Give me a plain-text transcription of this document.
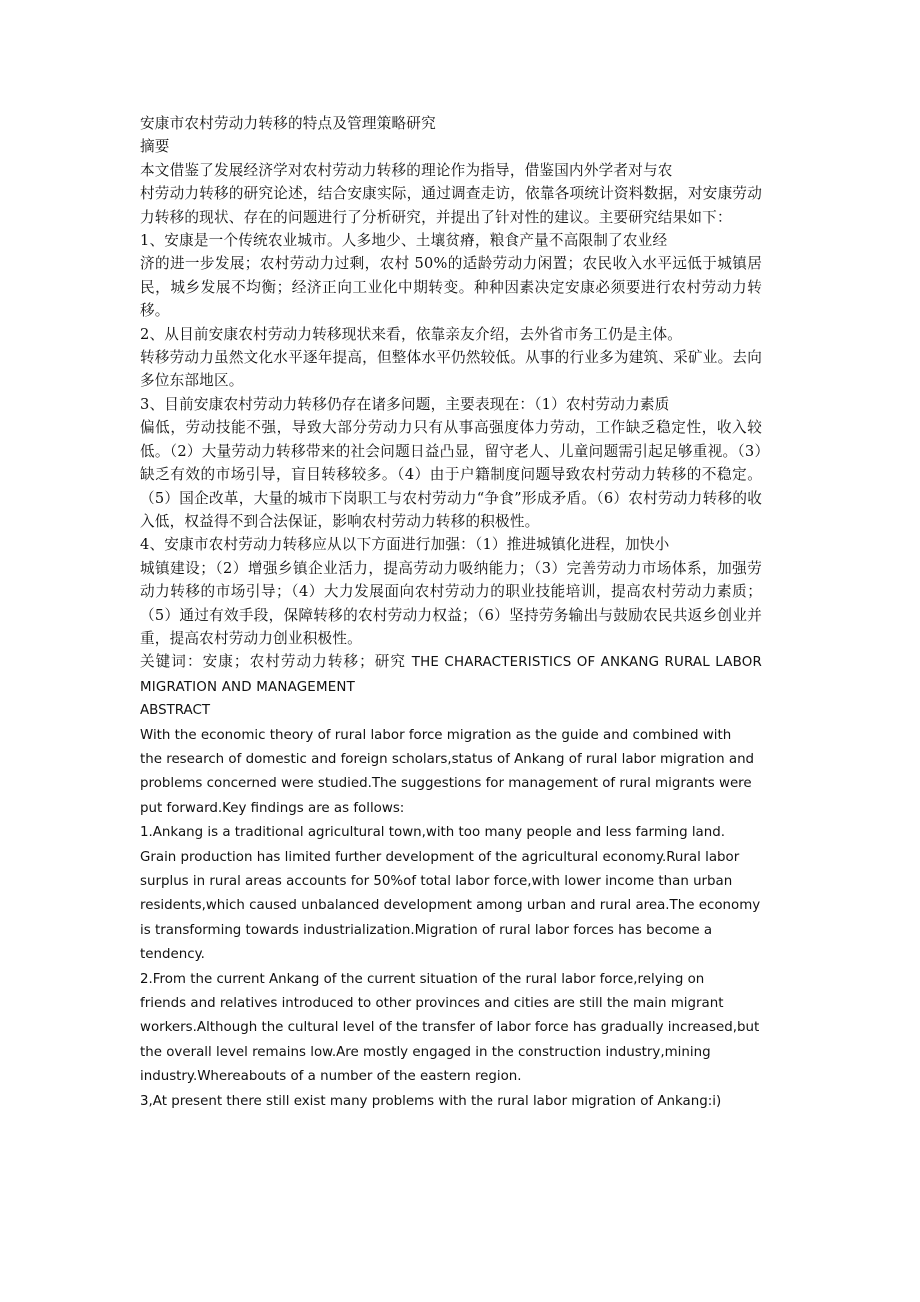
安康市农村劳动力转移的特点及管理策略研究

摘要

本文借鉴了发展经济学对农村劳动力转移的理论作为指导，借鉴国内外学者对与农
村劳动力转移的研究论述，结合安康实际，通过调查走访，依靠各项统计资料数据，对安康劳动力转移的现状、存在的问题进行了分析研究，并提出了针对性的建议。主要研究结果如下：

1、安康是一个传统农业城市。人多地少、土壤贫瘠，粮食产量不高限制了农业经
济的进一步发展；农村劳动力过剩，农村 50%的适龄劳动力闲置；农民收入水平远低于城镇居民，城乡发展不均衡；经济正向工业化中期转变。种种因素决定安康必须要进行农村劳动力转移。

2、从目前安康农村劳动力转移现状来看，依靠亲友介绍，去外省市务工仍是主体。
转移劳动力虽然文化水平逐年提高，但整体水平仍然较低。从事的行业多为建筑、采矿业。去向多位东部地区。

3、目前安康农村劳动力转移仍存在诸多问题，主要表现在：（1）农村劳动力素质
偏低，劳动技能不强，导致大部分劳动力只有从事高强度体力劳动，工作缺乏稳定性，收入较低。（2）大量劳动力转移带来的社会问题日益凸显，留守老人、儿童问题需引起足够重视。（3）缺乏有效的市场引导，盲目转移较多。（4）由于户籍制度问题导致农村劳动力转移的不稳定。（5）国企改革，大量的城市下岗职工与农村劳动力“争食”形成矛盾。（6）农村劳动力转移的收入低，权益得不到合法保证，影响农村劳动力转移的积极性。

4、安康市农村劳动力转移应从以下方面进行加强：（1）推进城镇化进程，加快小
城镇建设；（2）增强乡镇企业活力，提高劳动力吸纳能力；（3）完善劳动力市场体系，加强劳动力转移的市场引导；（4）大力发展面向农村劳动力的职业技能培训，提高农村劳动力素质；（5）通过有效手段，保障转移的农村劳动力权益；（6）坚持劳务输出与鼓励农民共返乡创业并重，提高农村劳动力创业积极性。

关键词：安康；农村劳动力转移；研究 THE CHARACTERISTICS OF ANKANG RURAL LABOR MIGRATION AND MANAGEMENT

ABSTRACT

With the economic theory of rural labor force migration as the guide and combined with
the research of domestic and foreign scholars,status of Ankang of rural labor migration and problems concerned were studied.The suggestions for management of rural migrants were put forward.Key findings are as follows:

1.Ankang is a traditional agricultural town,with too many people and less farming land.
Grain production has limited further development of the agricultural economy.Rural labor surplus in rural areas accounts for 50%of total labor force,with lower income than urban residents,which caused unbalanced development among urban and rural area.The economy is transforming towards industrialization.Migration of rural labor forces has become a tendency.

2.From the current Ankang of the current situation of the rural labor force,relying on
friends and relatives introduced to other provinces and cities are still the main migrant workers.Although the cultural level of the transfer of labor force has gradually increased,but the overall level remains low.Are mostly engaged in the construction industry,mining industry.Whereabouts of a number of the eastern region.

3,At present there still exist many problems with the rural labor migration of Ankang:i)
